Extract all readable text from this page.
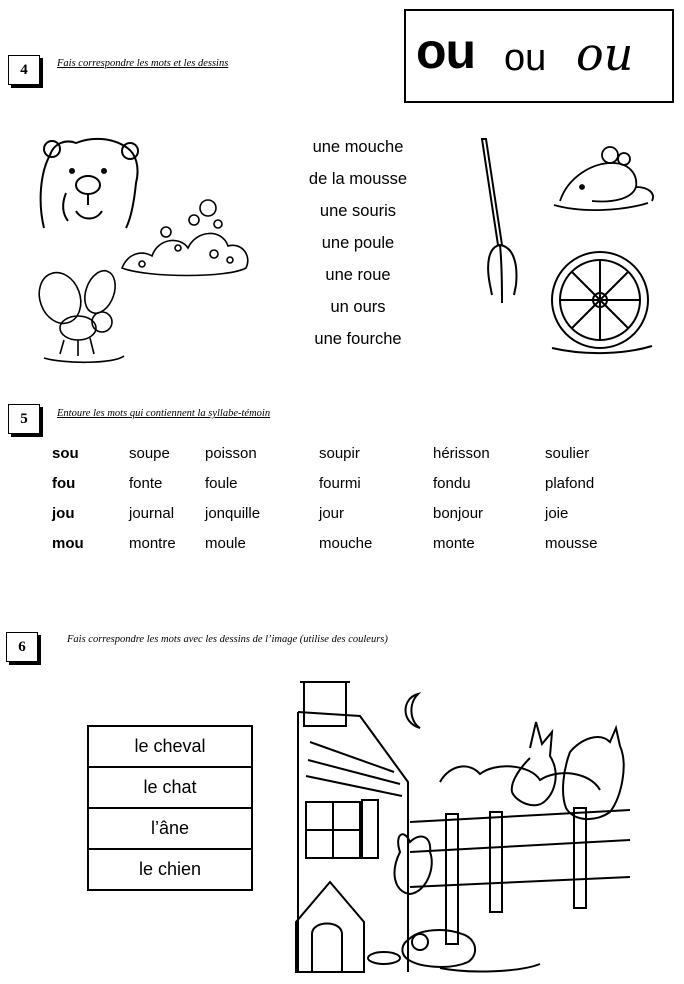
4	Fais correspondre les mots et les dessins	ou ou ou
une mouche
de la mousse
une souris
une poule
une roue
un ours
une fourche
5	Entoure les mots qui contiennent la syllabe-témoin
sou	soupe	poisson	soupir	hérisson	soulier
fou	fonte	foule	fourmi	fondu	plafond
jou	journal	jonquille	jour	bonjour	joie
mou	montre	moule	mouche	monte	mousse
6	Fais correspondre les mots avec les dessins de l’image (utilise des couleurs)
le cheval
le chat
l’âne
le chien
